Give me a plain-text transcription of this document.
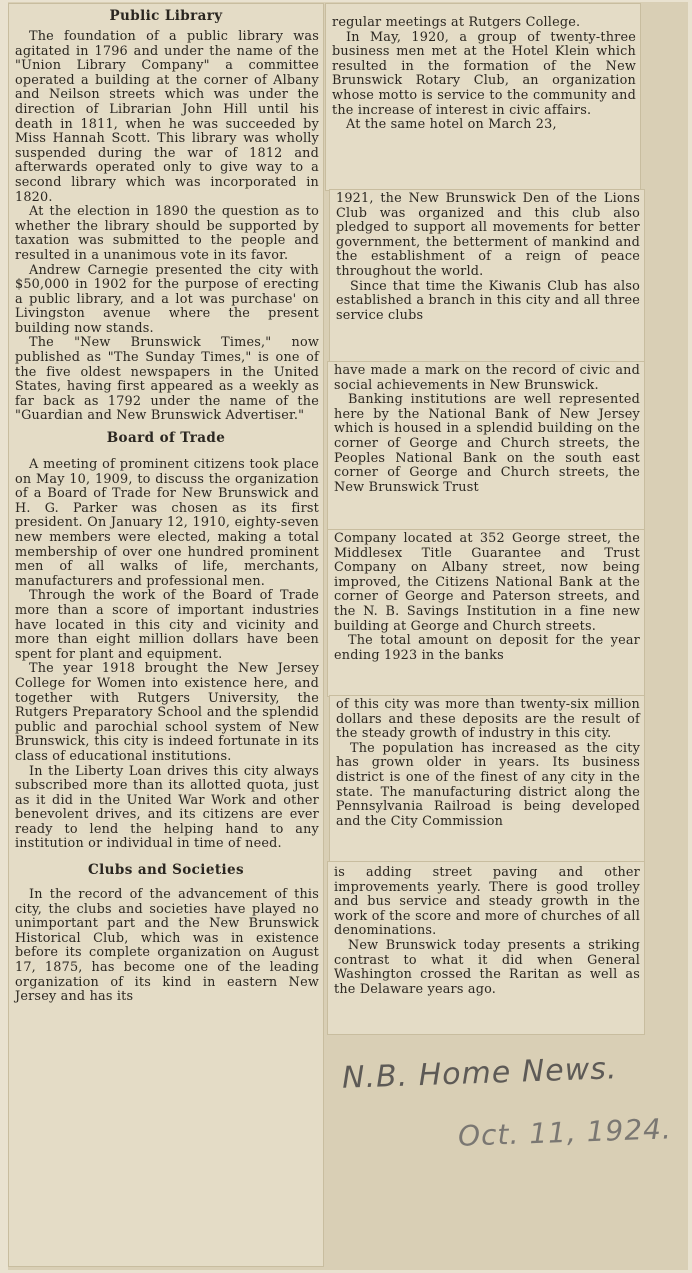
Public Library

The foundation of a public library was agitated in 1796 and under the name of the "Union Library Company" a committee operated a building at the corner of Albany and Neilson streets which was under the direction of Librarian John Hill until his death in 1811, when he was succeeded by Miss Hannah Scott. This library was wholly suspended during the war of 1812 and afterwards operated only to give way to a second library which was incorporated in 1820.

At the election in 1890 the question as to whether the library should be supported by taxation was submitted to the people and resulted in a unanimous vote in its favor.

Andrew Carnegie presented the city with $50,000 in 1902 for the purpose of erecting a public library, and a lot was purchase' on Livingston avenue where the present building now stands.

The "New Brunswick Times," now published as "The Sunday Times," is one of the five oldest newspapers in the United States, having first appeared as a weekly as far back as 1792 under the name of the "Guardian and New Brunswick Advertiser."

Board of Trade

A meeting of prominent citizens took place on May 10, 1909, to discuss the organization of a Board of Trade for New Brunswick and H. G. Parker was chosen as its first president. On January 12, 1910, eighty-seven new members were elected, making a total membership of over one hundred prominent men of all walks of life, merchants, manufacturers and professional men.

Through the work of the Board of Trade more than a score of important industries have located in this city and vicinity and more than eight million dollars have been spent for plant and equipment.

The year 1918 brought the New Jersey College for Women into existence here, and together with Rutgers University, the Rutgers Preparatory School and the splendid public and parochial school system of New Brunswick, this city is indeed fortunate in its class of educational institutions.

In the Liberty Loan drives this city always subscribed more than its allotted quota, just as it did in the United War Work and other benevolent drives, and its citizens are ever ready to lend the helping hand to any institution or individual in time of need.

Clubs and Societies

In the record of the advancement of this city, the clubs and societies have played no unimportant part and the New Brunswick Historical Club, which was in existence before its complete organization on August 17, 1875, has become one of the leading organization of its kind in eastern New Jersey and has its

regular meetings at Rutgers College.

In May, 1920, a group of twenty-three business men met at the Hotel Klein which resulted in the formation of the New Brunswick Rotary Club, an organization whose motto is service to the community and the increase of interest in civic affairs.

At the same hotel on March 23,

1921, the New Brunswick Den of the Lions Club was organized and this club also pledged to support all movements for better government, the betterment of mankind and the establishment of a reign of peace throughout the world.

Since that time the Kiwanis Club has also established a branch in this city and all three service clubs

have made a mark on the record of civic and social achievements in New Brunswick.

Banking institutions are well represented here by the National Bank of New Jersey which is housed in a splendid building on the corner of George and Church streets, the Peoples National Bank on the south east corner of George and Church streets, the New Brunswick Trust

Company located at 352 George street, the Middlesex Title Guarantee and Trust Company on Albany street, now being improved, the Citizens National Bank at the corner of George and Paterson streets, and the N. B. Savings Institution in a fine new building at George and Church streets.

The total amount on deposit for the year ending 1923 in the banks

of this city was more than twenty-six million dollars and these deposits are the result of the steady growth of industry in this city.

The population has increased as the city has grown older in years. Its business district is one of the finest of any city in the state. The manufacturing district along the Pennsylvania Railroad is being developed and the City Commission

is adding street paving and other improvements yearly. There is good trolley and bus service and steady growth in the work of the score and more of churches of all denominations.

New Brunswick today presents a striking contrast to what it did when General Washington crossed the Raritan as well as the Delaware years ago.

N.B. Home News.
Oct. 11, 1924.
